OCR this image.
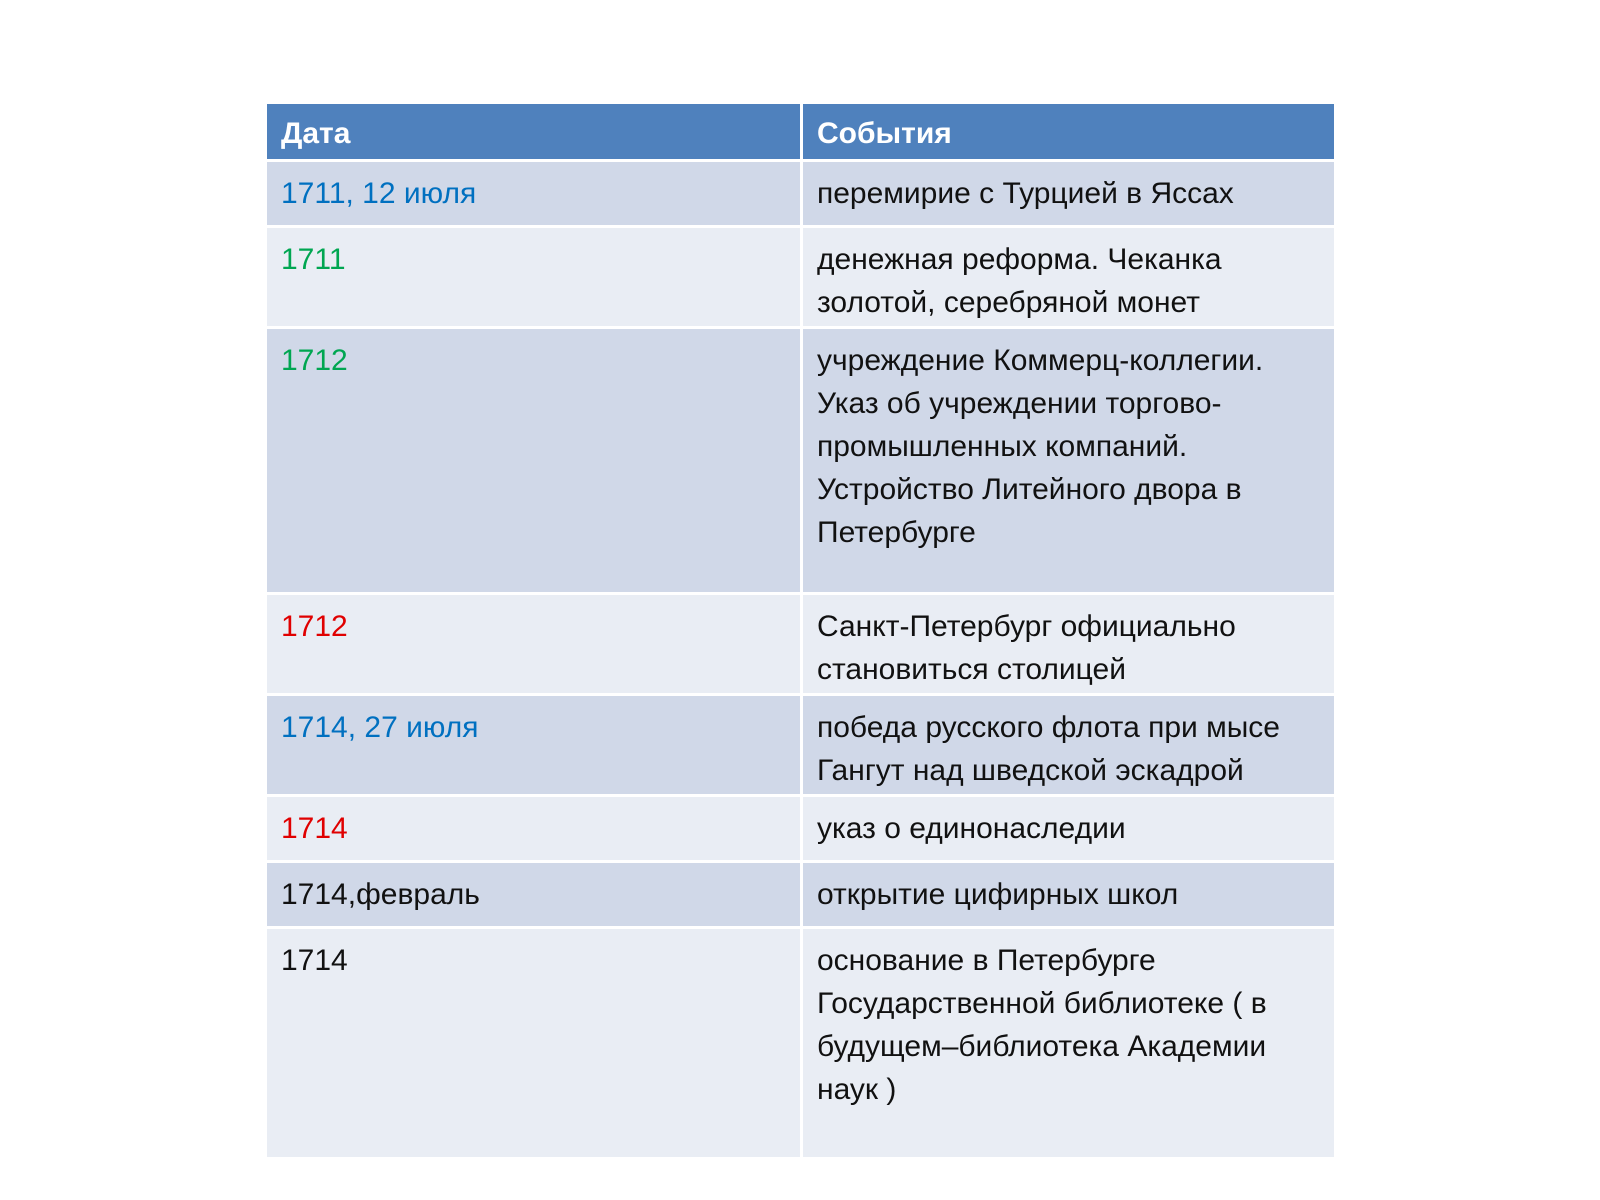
Дата	События
1711, 12 июля	перемирие с Турцией в Яссах
1711	денежная реформа. Чеканка золотой, серебряной монет
1712	учреждение Коммерц-коллегии. Указ об учреждении торгово-промышленных компаний. Устройство Литейного двора в Петербурге
1712	Санкт-Петербург официально становиться столицей
1714, 27 июля	победа русского флота при мысе Гангут над шведской эскадрой
1714	указ о единонаследии
1714,февраль	открытие цифирных школ
1714	основание в Петербурге Государственной библиотеке ( в будущем–библиотека Академии наук )
